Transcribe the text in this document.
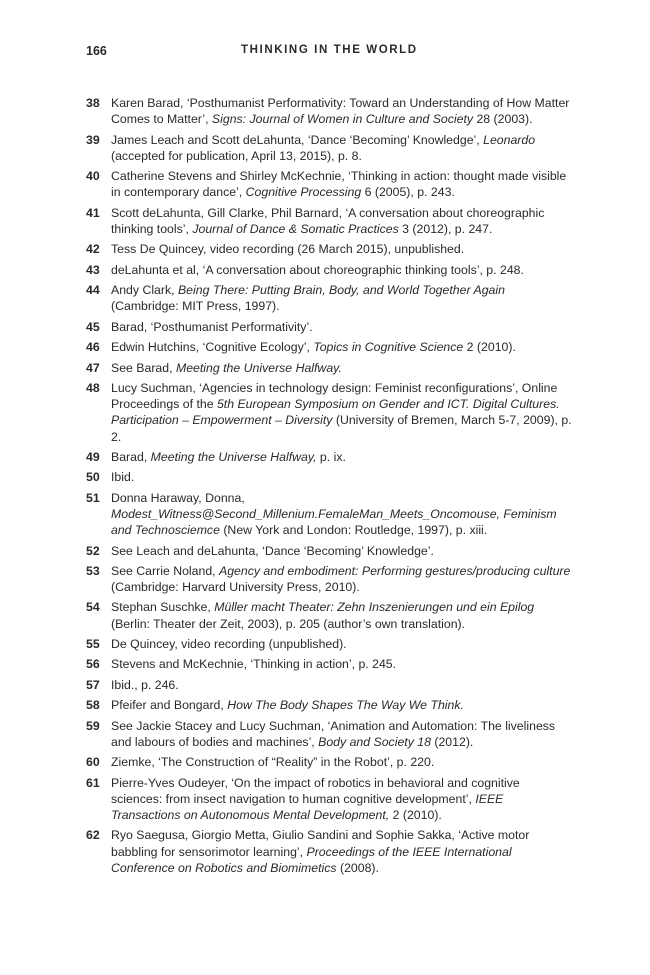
166	THINKING IN THE WORLD
38 Karen Barad, ‘Posthumanist Performativity: Toward an Understanding of How Matter Comes to Matter’, Signs: Journal of Women in Culture and Society 28 (2003).
39 James Leach and Scott deLahunta, ‘Dance ‘Becoming’ Knowledge’, Leonardo (accepted for publication, April 13, 2015), p. 8.
40 Catherine Stevens and Shirley McKechnie, ‘Thinking in action: thought made visible in contemporary dance’, Cognitive Processing 6 (2005), p. 243.
41 Scott deLahunta, Gill Clarke, Phil Barnard, ‘A conversation about choreographic thinking tools’, Journal of Dance & Somatic Practices 3 (2012), p. 247.
42 Tess De Quincey, video recording (26 March 2015), unpublished.
43 deLahunta et al, ‘A conversation about choreographic thinking tools’, p. 248.
44 Andy Clark, Being There: Putting Brain, Body, and World Together Again (Cambridge: MIT Press, 1997).
45 Barad, ‘Posthumanist Performativity’.
46 Edwin Hutchins, ‘Cognitive Ecology’, Topics in Cognitive Science 2 (2010).
47 See Barad, Meeting the Universe Halfway.
48 Lucy Suchman, ‘Agencies in technology design: Feminist reconfigurations’, Online Proceedings of the 5th European Symposium on Gender and ICT. Digital Cultures. Participation – Empowerment – Diversity (University of Bremen, March 5-7, 2009), p. 2.
49 Barad, Meeting the Universe Halfway, p. ix.
50 Ibid.
51 Donna Haraway, Donna, Modest_Witness@Second_Millenium.FemaleMan_Meets_Oncomouse, Feminism and Technosciemce (New York and London: Routledge, 1997), p. xiii.
52 See Leach and deLahunta, ‘Dance ‘Becoming’ Knowledge’.
53 See Carrie Noland, Agency and embodiment: Performing gestures/producing culture (Cambridge: Harvard University Press, 2010).
54 Stephan Suschke, Müller macht Theater: Zehn Inszenierungen und ein Epilog (Berlin: Theater der Zeit, 2003), p. 205 (author’s own translation).
55 De Quincey, video recording (unpublished).
56 Stevens and McKechnie, ‘Thinking in action’, p. 245.
57 Ibid., p. 246.
58 Pfeifer and Bongard, How The Body Shapes The Way We Think.
59 See Jackie Stacey and Lucy Suchman, ‘Animation and Automation: The liveliness and labours of bodies and machines’, Body and Society 18 (2012).
60 Ziemke, ‘The Construction of “Reality” in the Robot’, p. 220.
61 Pierre-Yves Oudeyer, ‘On the impact of robotics in behavioral and cognitive sciences: from insect navigation to human cognitive development’, IEEE Transactions on Autonomous Mental Development, 2 (2010).
62 Ryo Saegusa, Giorgio Metta, Giulio Sandini and Sophie Sakka, ‘Active motor babbling for sensorimotor learning’, Proceedings of the IEEE International Conference on Robotics and Biomimetics (2008).
